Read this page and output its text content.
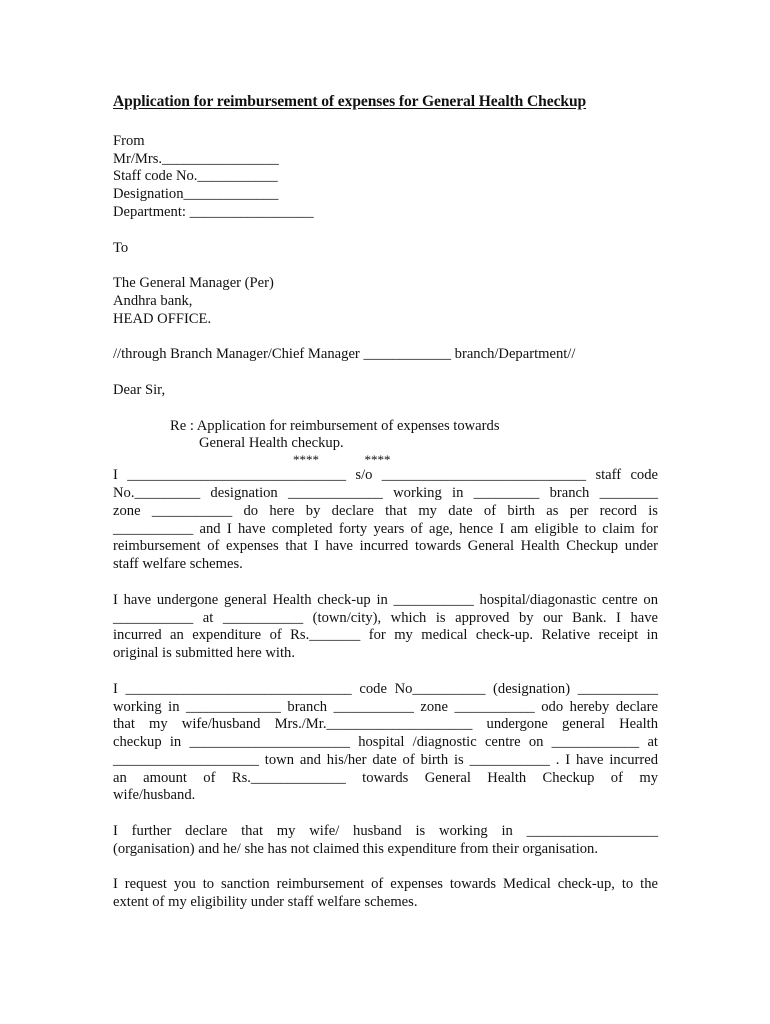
Application for reimbursement of expenses for General Health Checkup
From
Mr/Mrs.________________
Staff code No.___________
Designation_____________
Department: _________________
To
The General Manager (Per)
Andhra bank,
HEAD OFFICE.
//through Branch Manager/Chief Manager ____________ branch/Department//
Dear Sir,
Re : Application for reimbursement of expenses towards
General Health checkup.
****              ****
I ______________________________ s/o ____________________________ staff code
No._________ designation _____________ working in _________ branch ________
zone ___________ do here by declare that my date of birth as per record is
___________ and I have completed forty years of age, hence I am eligible to claim for
reimbursement of expenses that I have incurred towards General Health Checkup under
staff welfare schemes.
I have undergone general Health check-up in ___________ hospital/diagonastic centre on
___________ at ___________ (town/city), which is approved by our Bank. I have
incurred an expenditure of Rs._______ for my medical check-up. Relative receipt in
original is submitted here with.
I _______________________________ code No__________ (designation) ___________
working in _____________ branch ___________ zone ___________ odo hereby declare
that my wife/husband Mrs./Mr.____________________ undergone general Health
checkup in ______________________ hospital /diagnostic centre on ____________ at
____________________ town and his/her date of birth is ___________ . I have incurred
an amount of Rs._____________ towards General Health Checkup of my
wife/husband.
I further declare that my wife/ husband is working in __________________
(organisation) and he/ she has not claimed this expenditure from their organisation.
I request you to sanction reimbursement of expenses towards Medical check-up, to the
extent of my eligibility under staff welfare schemes.
